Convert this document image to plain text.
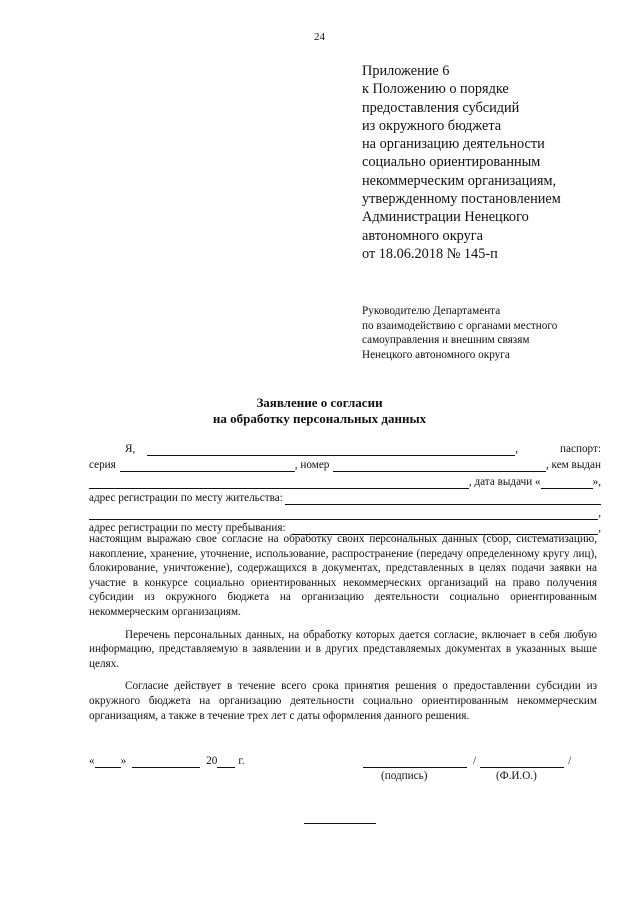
24
Приложение 6
к Положению о порядке
предоставления субсидий
из окружного бюджета
на организацию деятельности
социально ориентированным
некоммерческим организациям,
утвержденному постановлением
Администрации Ненецкого
автономного округа
от 18.06.2018 № 145-п
Руководителю Департамента
по взаимодействию с органами местного
самоуправления и внешним связям
Ненецкого автономного округа
Заявление о согласии
на обработку персональных данных
Я,	,	паспорт:
серия	, номер	, кем выдан
, дата выдачи «	»,
адрес регистрации по месту жительства:
,
адрес регистрации по месту пребывания:	,

настоящим выражаю свое согласие на обработку своих персональных данных (сбор, систематизацию, накопление, хранение, уточнение, использование, распространение (передачу определенному кругу лиц), блокирование, уничтожение), содержащихся в документах, представленных в целях подачи заявки на участие в конкурсе социально ориентированных некоммерческих организаций на право получения субсидии из окружного бюджета на организацию деятельности социально ориентированным некоммерческим организациям.

Перечень персональных данных, на обработку которых дается согласие, включает в себя любую информацию, представляемую в заявлении и в других представляемых документах в указанных выше целях.

Согласие действует в течение всего срока принятия решения о предоставлении субсидии из окружного бюджета на организацию деятельности социально ориентированным некоммерческим организациям, а также в течение трех лет с даты оформления данного решения.

« »	20 г.	/	/
(подпись)	(Ф.И.О.)
